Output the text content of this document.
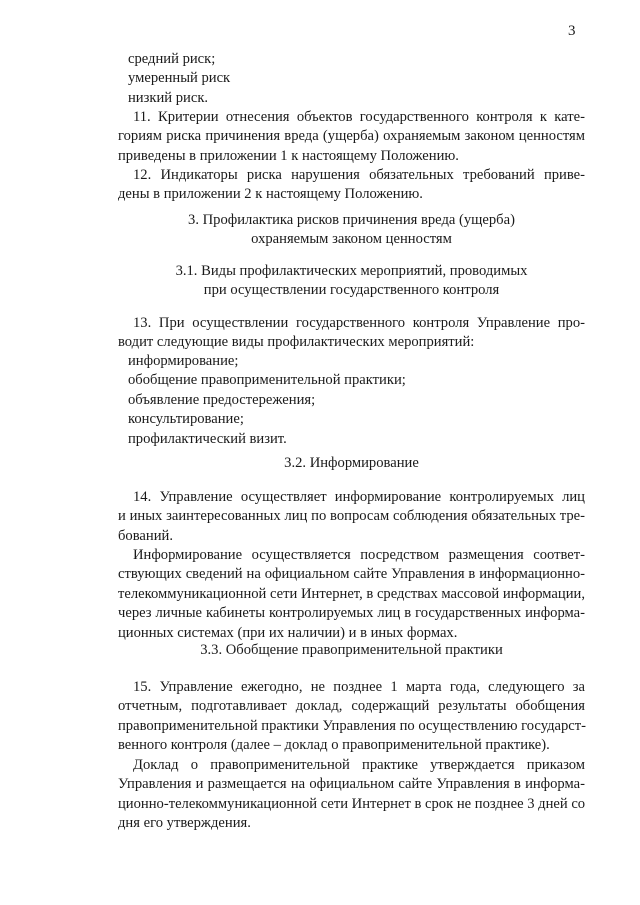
3
средний риск;
умеренный риск
низкий риск.
11. Критерии отнесения объектов государственного контроля к кате-
гориям риска причинения вреда (ущерба) охраняемым законом ценностям
приведены в приложении 1 к настоящему Положению.
12. Индикаторы риска нарушения обязательных требований приве-
дены в приложении 2 к настоящему Положению.
3. Профилактика рисков причинения вреда (ущерба)
охраняемым законом ценностям
3.1. Виды профилактических мероприятий, проводимых
при осуществлении государственного контроля
13. При осуществлении государственного контроля Управление про-
водит следующие виды профилактических мероприятий:
информирование;
обобщение правоприменительной практики;
объявление предостережения;
консультирование;
профилактический визит.
3.2. Информирование
14. Управление осуществляет информирование контролируемых лиц
и иных заинтересованных лиц по вопросам соблюдения обязательных тре-
бований.
Информирование осуществляется посредством размещения соответ-
ствующих сведений на официальном сайте Управления в информационно-
телекоммуникационной сети Интернет, в средствах массовой информации,
через личные кабинеты контролируемых лиц в государственных информа-
ционных системах (при их наличии) и в иных формах.
3.3. Обобщение правоприменительной практики
15. Управление ежегодно, не позднее 1 марта года, следующего за
отчетным, подготавливает доклад, содержащий результаты обобщения
правоприменительной практики Управления по осуществлению государст-
венного контроля (далее – доклад о правоприменительной практике).
Доклад о правоприменительной практике утверждается приказом
Управления и размещается на официальном сайте Управления в информа-
ционно-телекоммуникационной сети Интернет в срок не позднее 3 дней со
дня его утверждения.
